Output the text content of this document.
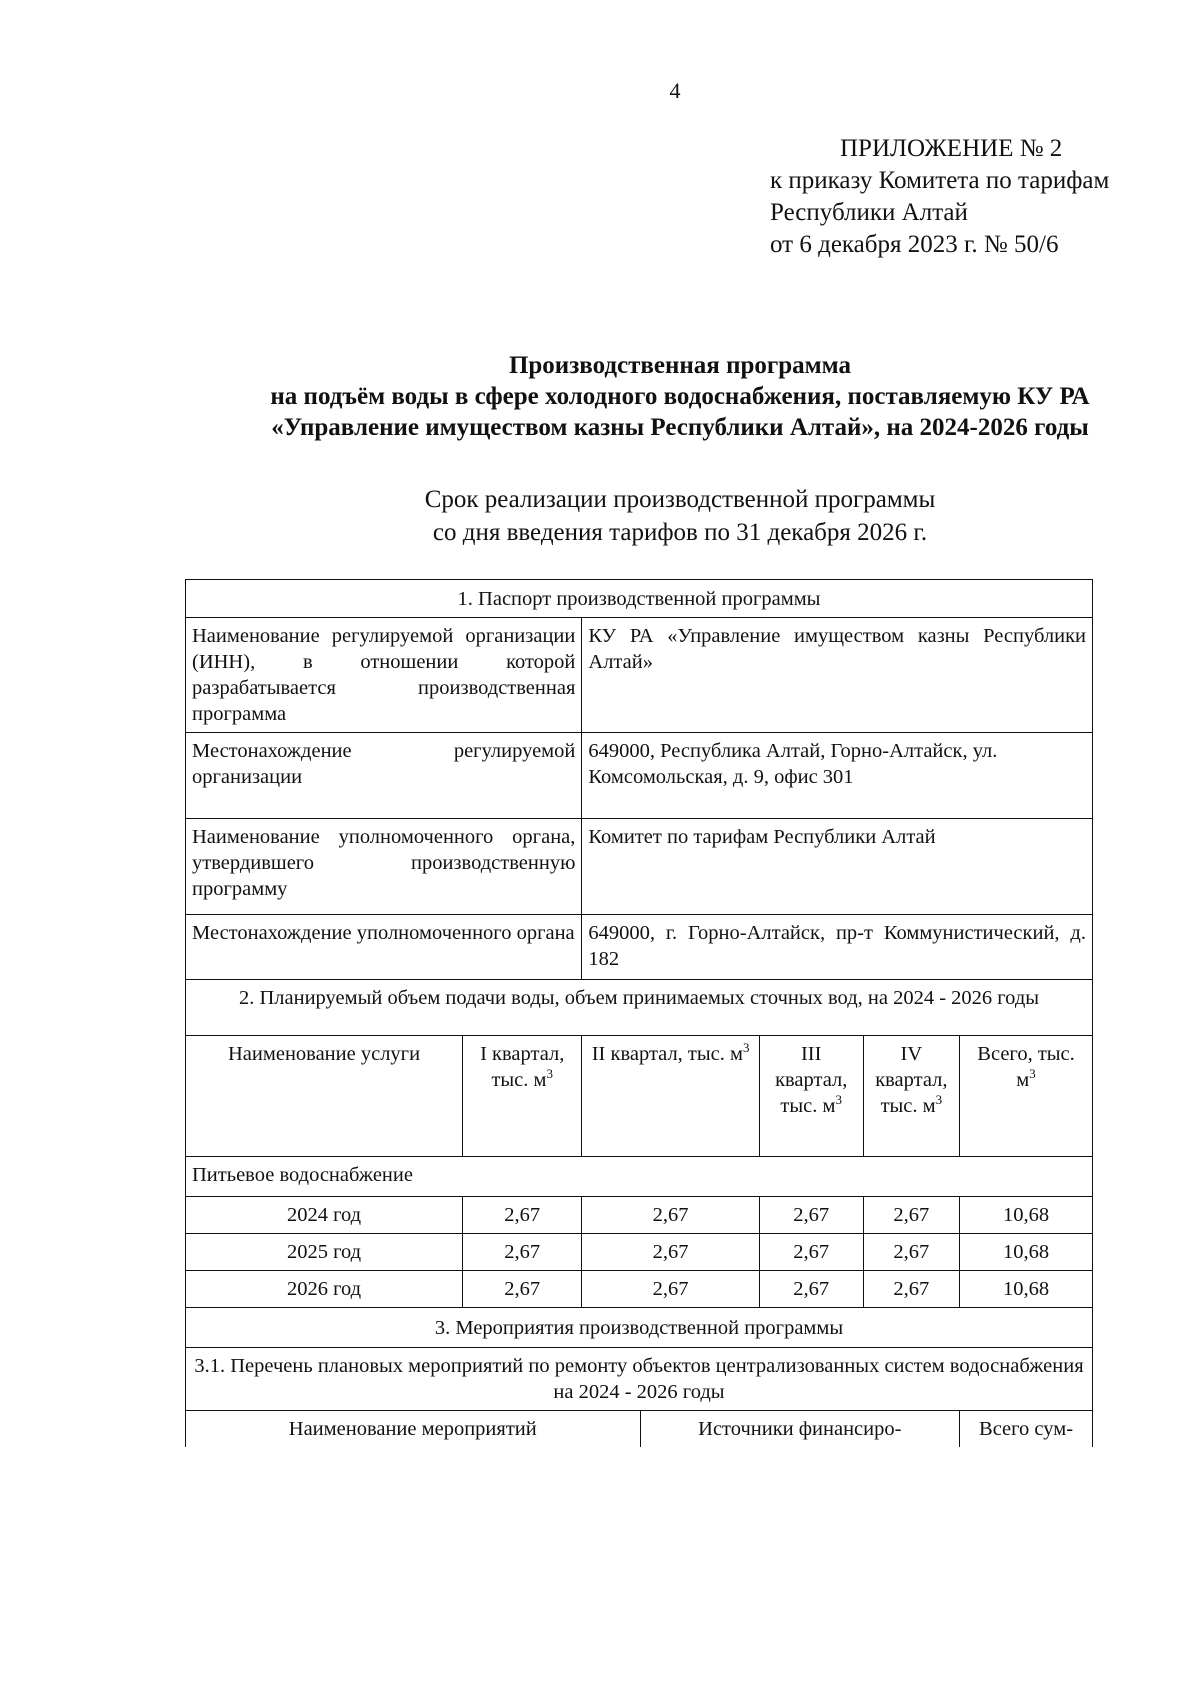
4
ПРИЛОЖЕНИЕ № 2
к приказу Комитета по тарифам
Республики Алтай
от 6 декабря 2023 г. № 50/6
Производственная программа
на подъём воды в сфере холодного водоснабжения, поставляемую КУ РА
«Управление имуществом казны Республики Алтай», на 2024-2026 годы
Срок реализации производственной программы
со дня введения тарифов по 31 декабря 2026 г.
1. Паспорт производственной программы						
Наименование регулируемой организации (ИНН), в отношении которой разрабатывается производственная программа		КУ РА «Управление имуществом казны Республики Алтай»				
Местонахождение регулируемой организации		649000, Республика Алтай, Горно-Алтайск, ул. Комсомольская, д. 9, офис 301				
Наименование уполномоченного органа, утвердившего производственную программу		Комитет по тарифам Республики Алтай				
Местонахождение уполномоченного органа		649000, г. Горно-Алтайск, пр-т Коммунистический, д. 182				
2. Планируемый объем подачи воды, объем принимаемых сточных вод, на 2024 - 2026 годы						
Наименование услуги	I квартал, тыс. $м^3$	II квартал, тыс. $м^3$		III квартал, тыс. $м^3$	IV квартал, тыс. $м^3$	Всего, тыс. $м^3$
Питьевое водоснабжение						
2024 год	2,67	2,67		2,67	2,67	10,68
2025 год	2,67	2,67		2,67	2,67	10,68
2026 год	2,67	2,67		2,67	2,67	10,68
3. Мероприятия производственной программы						
3.1. Перечень плановых мероприятий по ремонту объектов централизованных систем водоснабжения на 2024 - 2026 годы						
Наименование мероприятий			Источники финансиро-			Всего сум-
